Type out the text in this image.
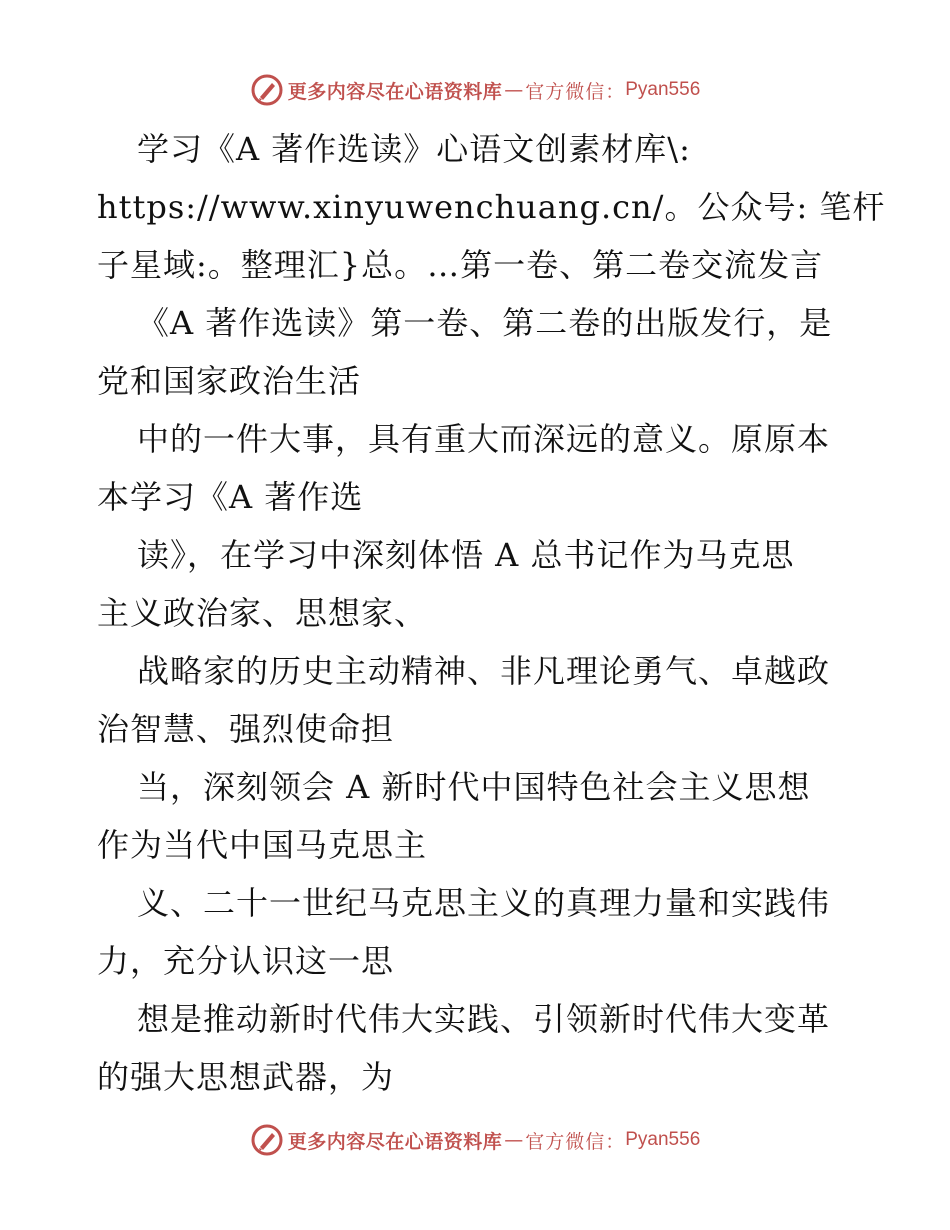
更多内容尽在心语资料库 — 官方微信： Pyan556
学习《A 著作选读》心语文创素材库\:
https://www.xinyuwenchuang.cn/。公众号: 笔杆
子星域:。整理汇}总。…第一卷、第二卷交流发言
《A 著作选读》第一卷、第二卷的出版发行，是
党和国家政治生活
中的一件大事，具有重大而深远的意义。原原本
本学习《A 著作选
读》，在学习中深刻体悟 A 总书记作为马克思
主义政治家、思想家、
战略家的历史主动精神、非凡理论勇气、卓越政
治智慧、强烈使命担
当，深刻领会 A 新时代中国特色社会主义思想
作为当代中国马克思主
义、二十一世纪马克思主义的真理力量和实践伟
力，充分认识这一思
想是推动新时代伟大实践、引领新时代伟大变革
的强大思想武器，为
更多内容尽在心语资料库 — 官方微信： Pyan556
